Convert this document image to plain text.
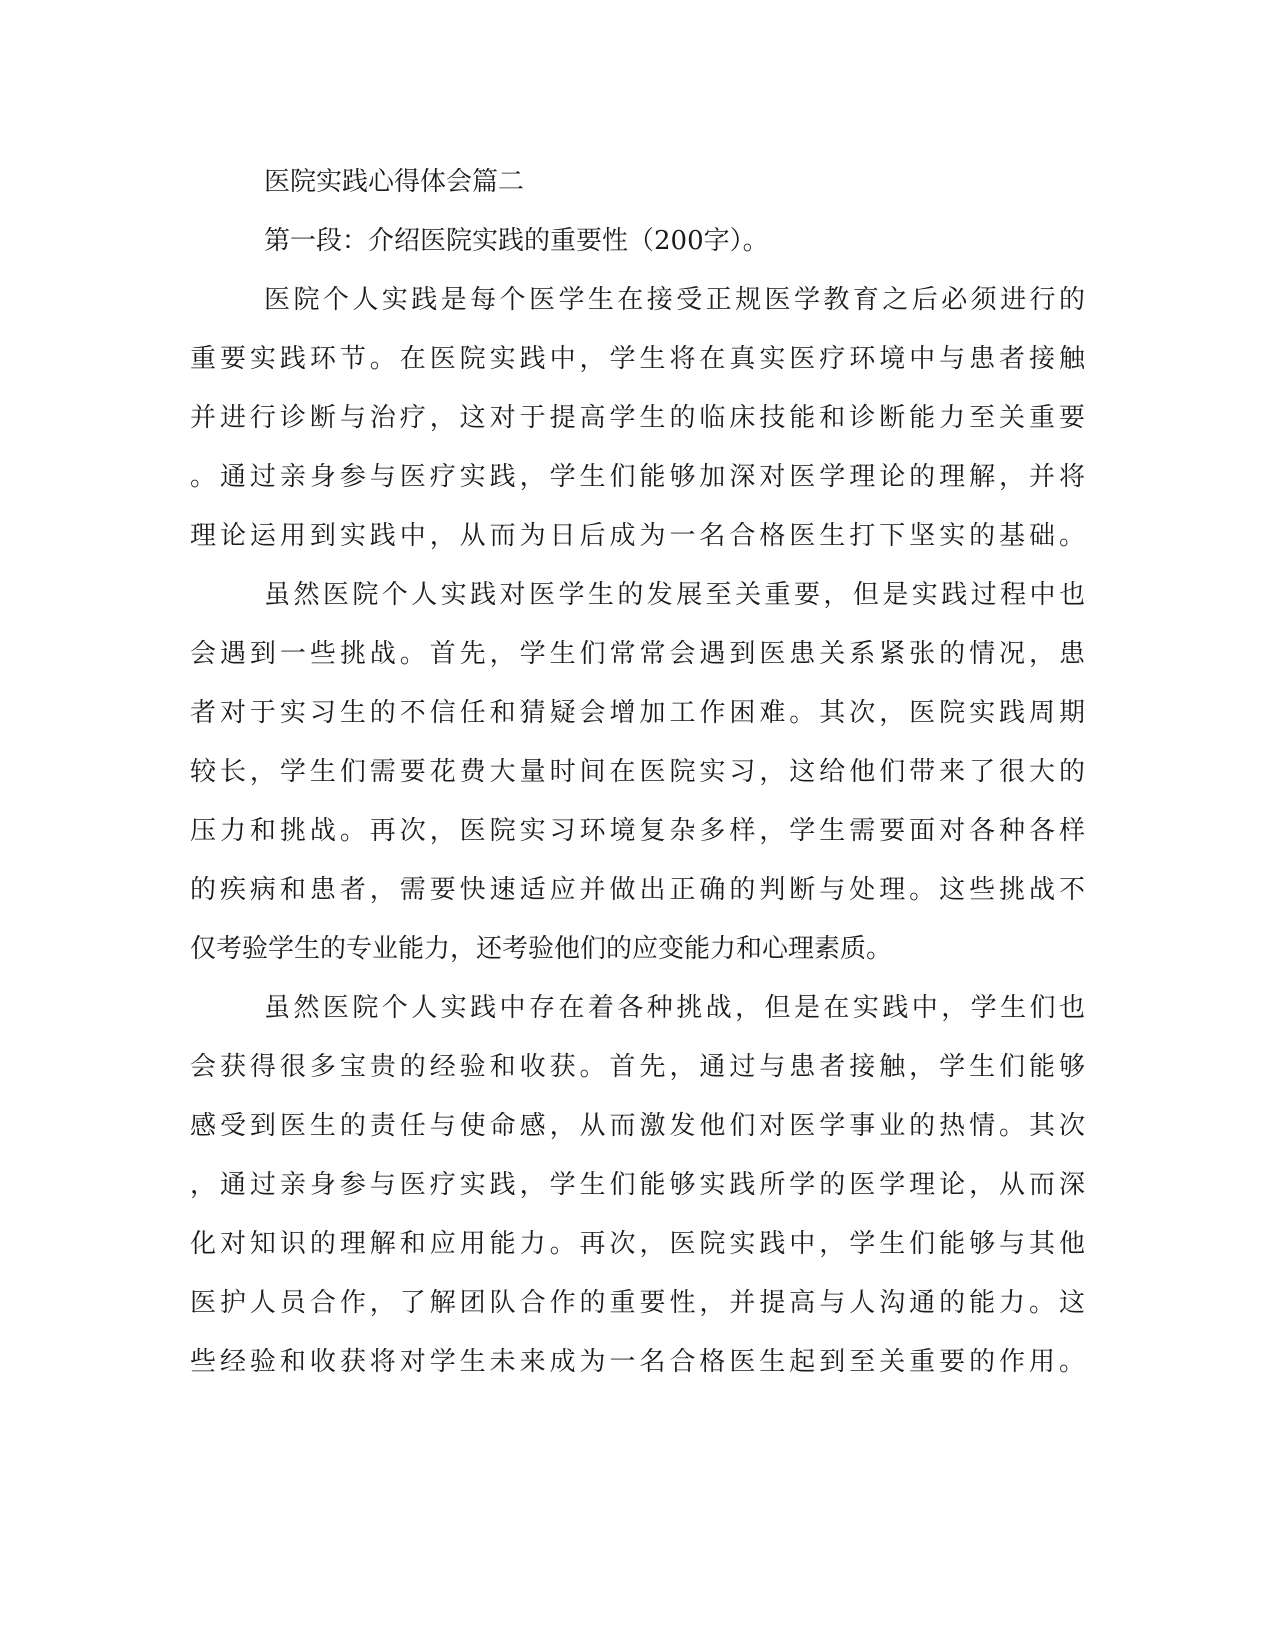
医院实践心得体会篇二

第一段：介绍医院实践的重要性（200字）。

医院个人实践是每个医学生在接受正规医学教育之后必须进行的

重要实践环节。在医院实践中，学生将在真实医疗环境中与患者接触

并进行诊断与治疗，这对于提高学生的临床技能和诊断能力至关重要

。通过亲身参与医疗实践，学生们能够加深对医学理论的理解，并将

理论运用到实践中，从而为日后成为一名合格医生打下坚实的基础。

虽然医院个人实践对医学生的发展至关重要，但是实践过程中也

会遇到一些挑战。首先，学生们常常会遇到医患关系紧张的情况，患

者对于实习生的不信任和猜疑会增加工作困难。其次，医院实践周期

较长，学生们需要花费大量时间在医院实习，这给他们带来了很大的

压力和挑战。再次，医院实习环境复杂多样，学生需要面对各种各样

的疾病和患者，需要快速适应并做出正确的判断与处理。这些挑战不

仅考验学生的专业能力，还考验他们的应变能力和心理素质。

虽然医院个人实践中存在着各种挑战，但是在实践中，学生们也

会获得很多宝贵的经验和收获。首先，通过与患者接触，学生们能够

感受到医生的责任与使命感，从而激发他们对医学事业的热情。其次

，通过亲身参与医疗实践，学生们能够实践所学的医学理论，从而深

化对知识的理解和应用能力。再次，医院实践中，学生们能够与其他

医护人员合作，了解团队合作的重要性，并提高与人沟通的能力。这

些经验和收获将对学生未来成为一名合格医生起到至关重要的作用。
